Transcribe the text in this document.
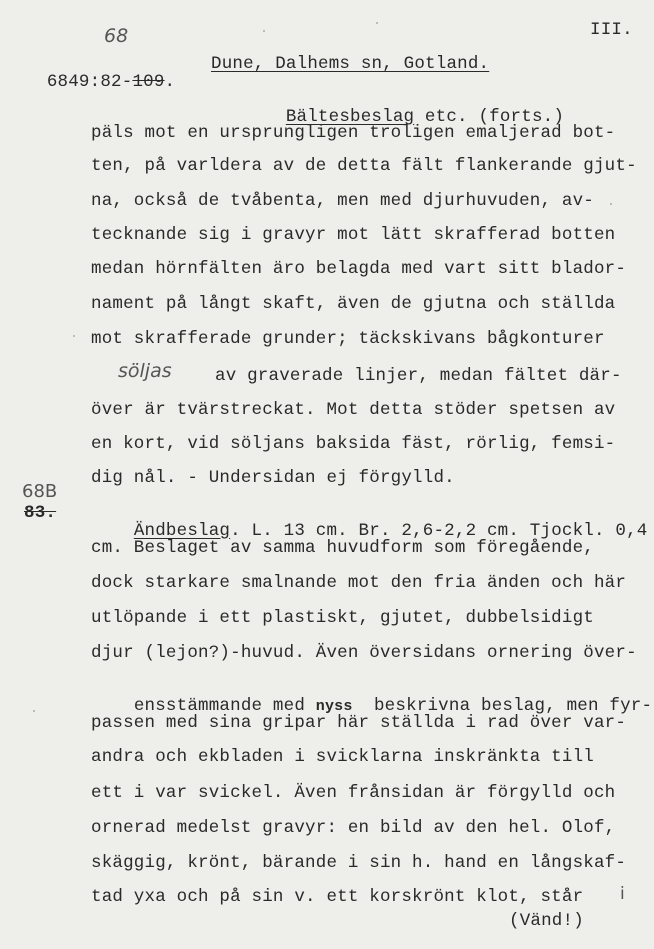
68	III.

6849:82-109.

Dune, Dalhems sn, Gotland.

Bältesbeslag etc. (forts.)

päls mot en ursprungligen troligen emaljerad bot-
ten, på varldera av de detta fält flankerande gjut-
na, också de tvåbenta, men med djurhuvuden, av-
tecknande sig i gravyr mot lätt skrafferad botten
medan hörnfälten äro belagda med vart sitt blador-
nament på långt skaft, även de gjutna och ställda
mot skrafferade grunder; täckskivans bågkonturer
söljas av graverade linjer, medan fältet där-
över är tvärstreckat. Mot detta stöder spetsen av
en kort, vid söljans baksida fäst, rörlig, femsi-
dig nål. - Undersidan ej förgylld.
68B
83.

Ändbeslag. L. 13 cm. Br. 2,6-2,2 cm. Tjockl. 0,4

cm. Beslaget av samma huvudform som föregående,
dock starkare smalnande mot den fria änden och här
utlöpande i ett plastiskt, gjutet, dubbelsidigt
djur (lejon?)-huvud. Även översidans ornering över-

ensstämmande med nyss beskrivna beslag, men fyr-

passen med sina gripar här ställda i rad över var-
andra och ekbladen i svicklarna inskränkta till
ett i var svickel. Även frånsidan är förgylld och
ornerad medelst gravyr: en bild av den hel. Olof,
skäggig, krönt, bärande i sin h. hand en långskaf-
tad yxa och på sin v. ett korskrönt klot, står i
(Vänd!)
